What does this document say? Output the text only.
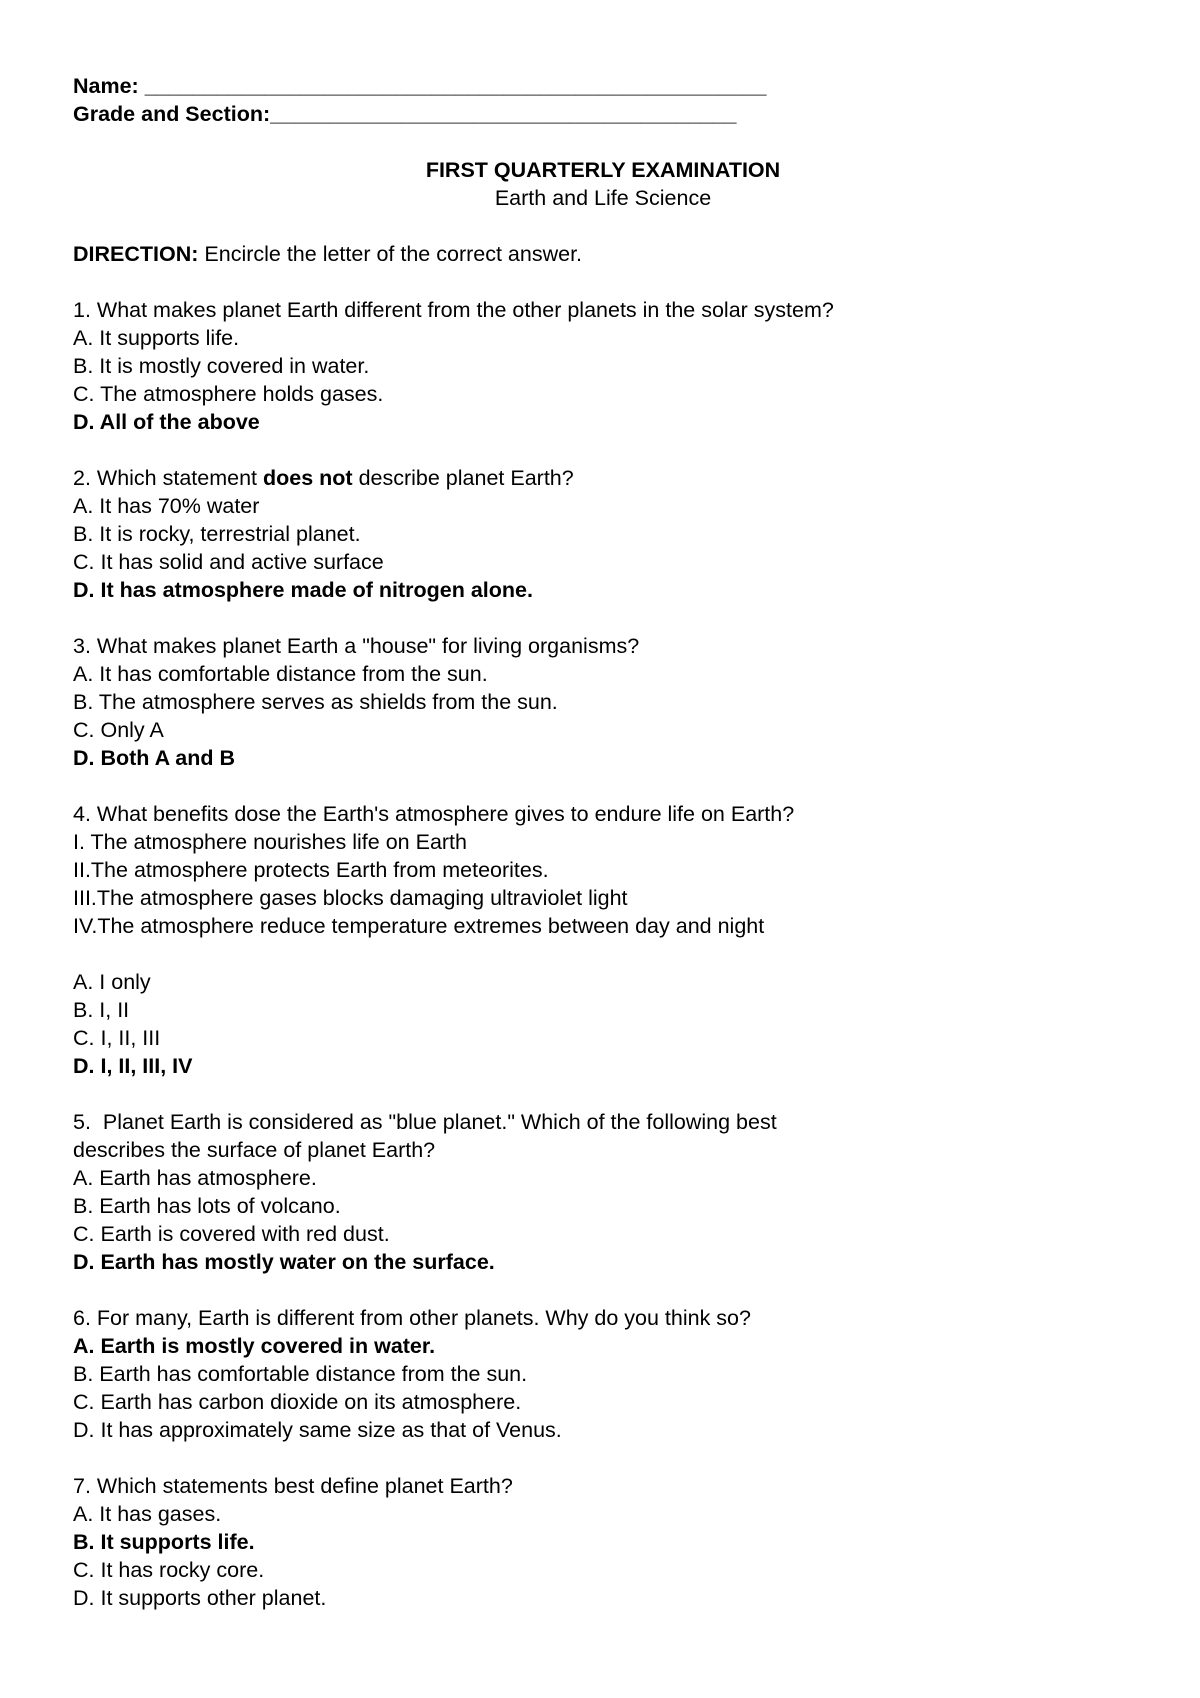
Name: ____________________________________________________
Grade and Section:_______________________________________
FIRST QUARTERLY EXAMINATION
Earth and Life Science
DIRECTION: Encircle the letter of the correct answer.
1. What makes planet Earth different from the other planets in the solar system?
A. It supports life.
B. It is mostly covered in water.
C. The atmosphere holds gases.
D. All of the above
2. Which statement does not describe planet Earth?
A. It has 70% water
B. It is rocky, terrestrial planet.
C. It has solid and active surface
D. It has atmosphere made of nitrogen alone.
3. What makes planet Earth a "house" for living organisms?
A. It has comfortable distance from the sun.
B. The atmosphere serves as shields from the sun.
C. Only A
D. Both A and B
4. What benefits dose the Earth's atmosphere gives to endure life on Earth?
I. The atmosphere nourishes life on Earth
II.The atmosphere protects Earth from meteorites.
III.The atmosphere gases blocks damaging ultraviolet light
IV.The atmosphere reduce temperature extremes between day and night
A. I only
B. I, II
C. I, II, III
D. I, II, III, IV
5.  Planet Earth is considered as "blue planet." Which of the following best
describes the surface of planet Earth?
A. Earth has atmosphere.
B. Earth has lots of volcano.
C. Earth is covered with red dust.
D. Earth has mostly water on the surface.
6. For many, Earth is different from other planets. Why do you think so?
A. Earth is mostly covered in water.
B. Earth has comfortable distance from the sun.
C. Earth has carbon dioxide on its atmosphere.
D. It has approximately same size as that of Venus.
7. Which statements best define planet Earth?
A. It has gases.
B. It supports life.
C. It has rocky core.
D. It supports other planet.
